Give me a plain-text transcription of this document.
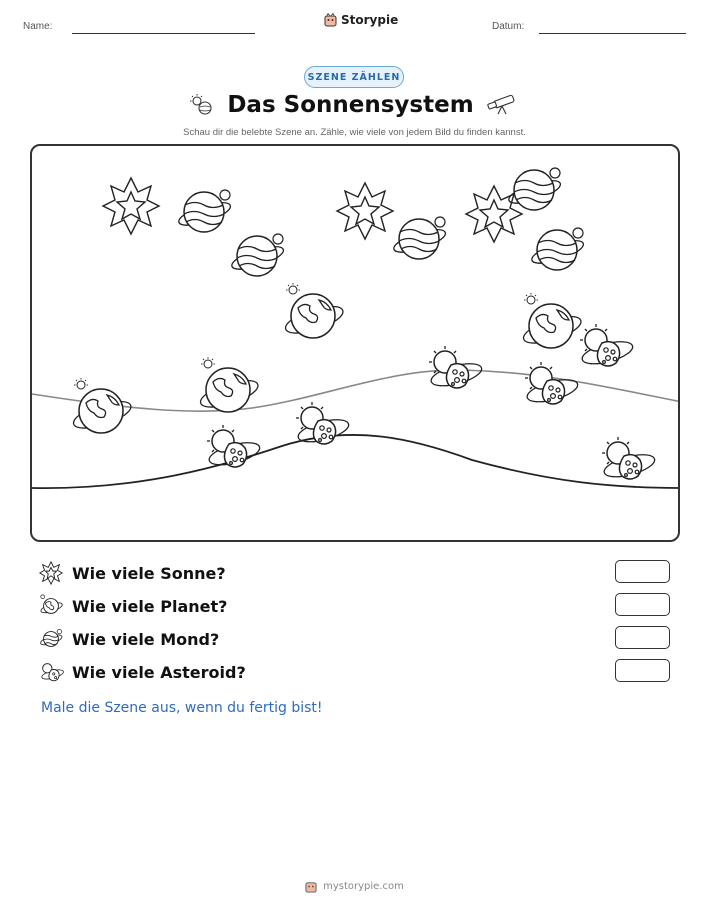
Name:	Storypie	Datum:
SZENE ZÄHLEN
Das Sonnensystem
Schau dir die belebte Szene an. Zähle, wie viele von jedem Bild du finden kannst.
Wie viele Sonne?
Wie viele Planet?
Wie viele Mond?
Wie viele Asteroid?
Male die Szene aus, wenn du fertig bist!
mystorypie.com
